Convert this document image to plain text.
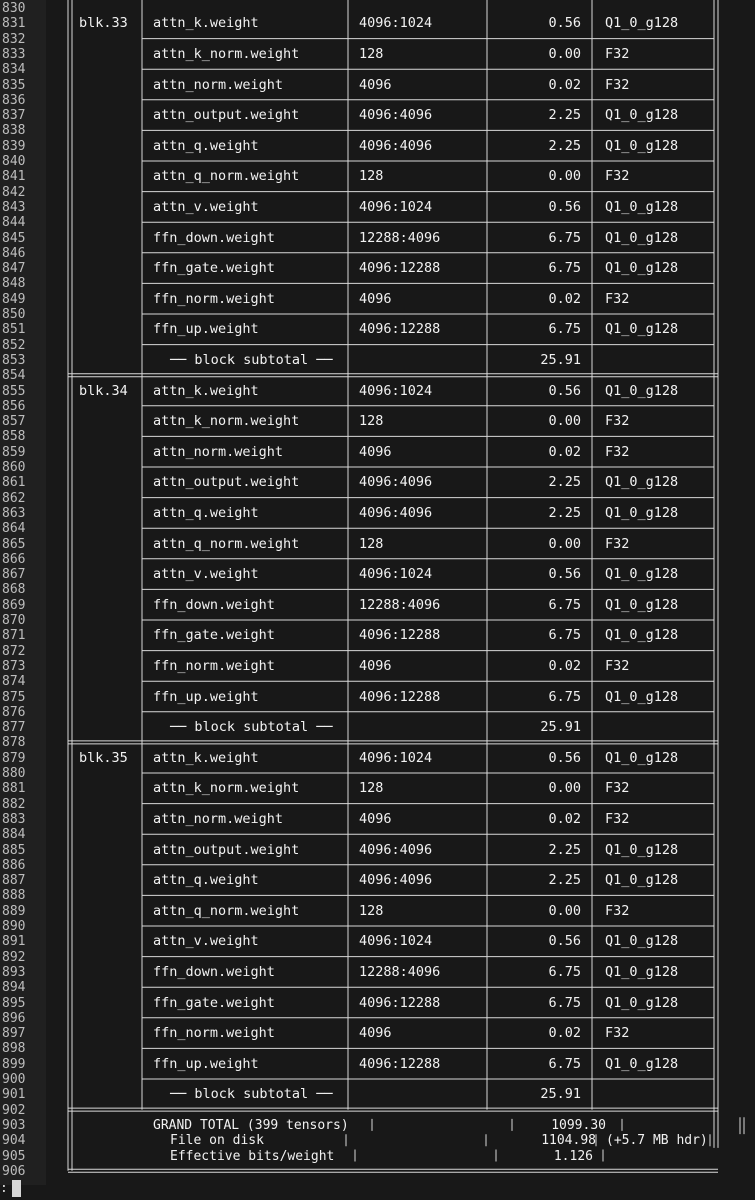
830
831
832
833
834
835
836
837
838
839
840
841
842
843
844
845
846
847
848
849
850
851
852
853
854
855
856
857
858
859
860
861
862
863
864
865
866
867
868
869
870
871
872
873
874
875
876
877
878
879
880
881
882
883
884
885
886
887
888
889
890
891
892
893
894
895
896
897
898
899
900
901
902
903
904
905
906
blk.33 attn_k.weight	4096:1024	0.56 Q1_0_g128
attn_k_norm.weight	128	0.00 F32
attn_norm.weight	4096	0.02 F32
attn_output.weight	4096:4096	2.25 Q1_0_g128
attn_q.weight	4096:4096	2.25 Q1_0_g128
attn_q_norm.weight	128	0.00 F32
attn_v.weight	4096:1024	0.56 Q1_0_g128
ffn_down.weight	12288:4096	6.75 Q1_0_g128
ffn_gate.weight	4096:12288	6.75 Q1_0_g128
ffn_norm.weight	4096	0.02 F32
ffn_up.weight	4096:12288	6.75 Q1_0_g128
── block subtotal ──	25.91
blk.34 attn_k.weight	4096:1024	0.56 Q1_0_g128
attn_k_norm.weight	128	0.00 F32
attn_norm.weight	4096	0.02 F32
attn_output.weight	4096:4096	2.25 Q1_0_g128
attn_q.weight	4096:4096	2.25 Q1_0_g128
attn_q_norm.weight	128	0.00 F32
attn_v.weight	4096:1024	0.56 Q1_0_g128
ffn_down.weight	12288:4096	6.75 Q1_0_g128
ffn_gate.weight	4096:12288	6.75 Q1_0_g128
ffn_norm.weight	4096	0.02 F32
ffn_up.weight	4096:12288	6.75 Q1_0_g128
── block subtotal ──	25.91
blk.35 attn_k.weight	4096:1024	0.56 Q1_0_g128
attn_k_norm.weight	128	0.00 F32
attn_norm.weight	4096	0.02 F32
attn_output.weight	4096:4096	2.25 Q1_0_g128
attn_q.weight	4096:4096	2.25 Q1_0_g128
attn_q_norm.weight	128	0.00 F32
attn_v.weight	4096:1024	0.56 Q1_0_g128
ffn_down.weight	12288:4096	6.75 Q1_0_g128
ffn_gate.weight	4096:12288	6.75 Q1_0_g128
ffn_norm.weight	4096	0.02 F32
ffn_up.weight	4096:12288	6.75 Q1_0_g128
── block subtotal ──	25.91
GRAND TOTAL (399 tensors)	1099.30
File on disk	1104.98 (+5.7 MB hdr)
Effective bits/weight	1.126
:
